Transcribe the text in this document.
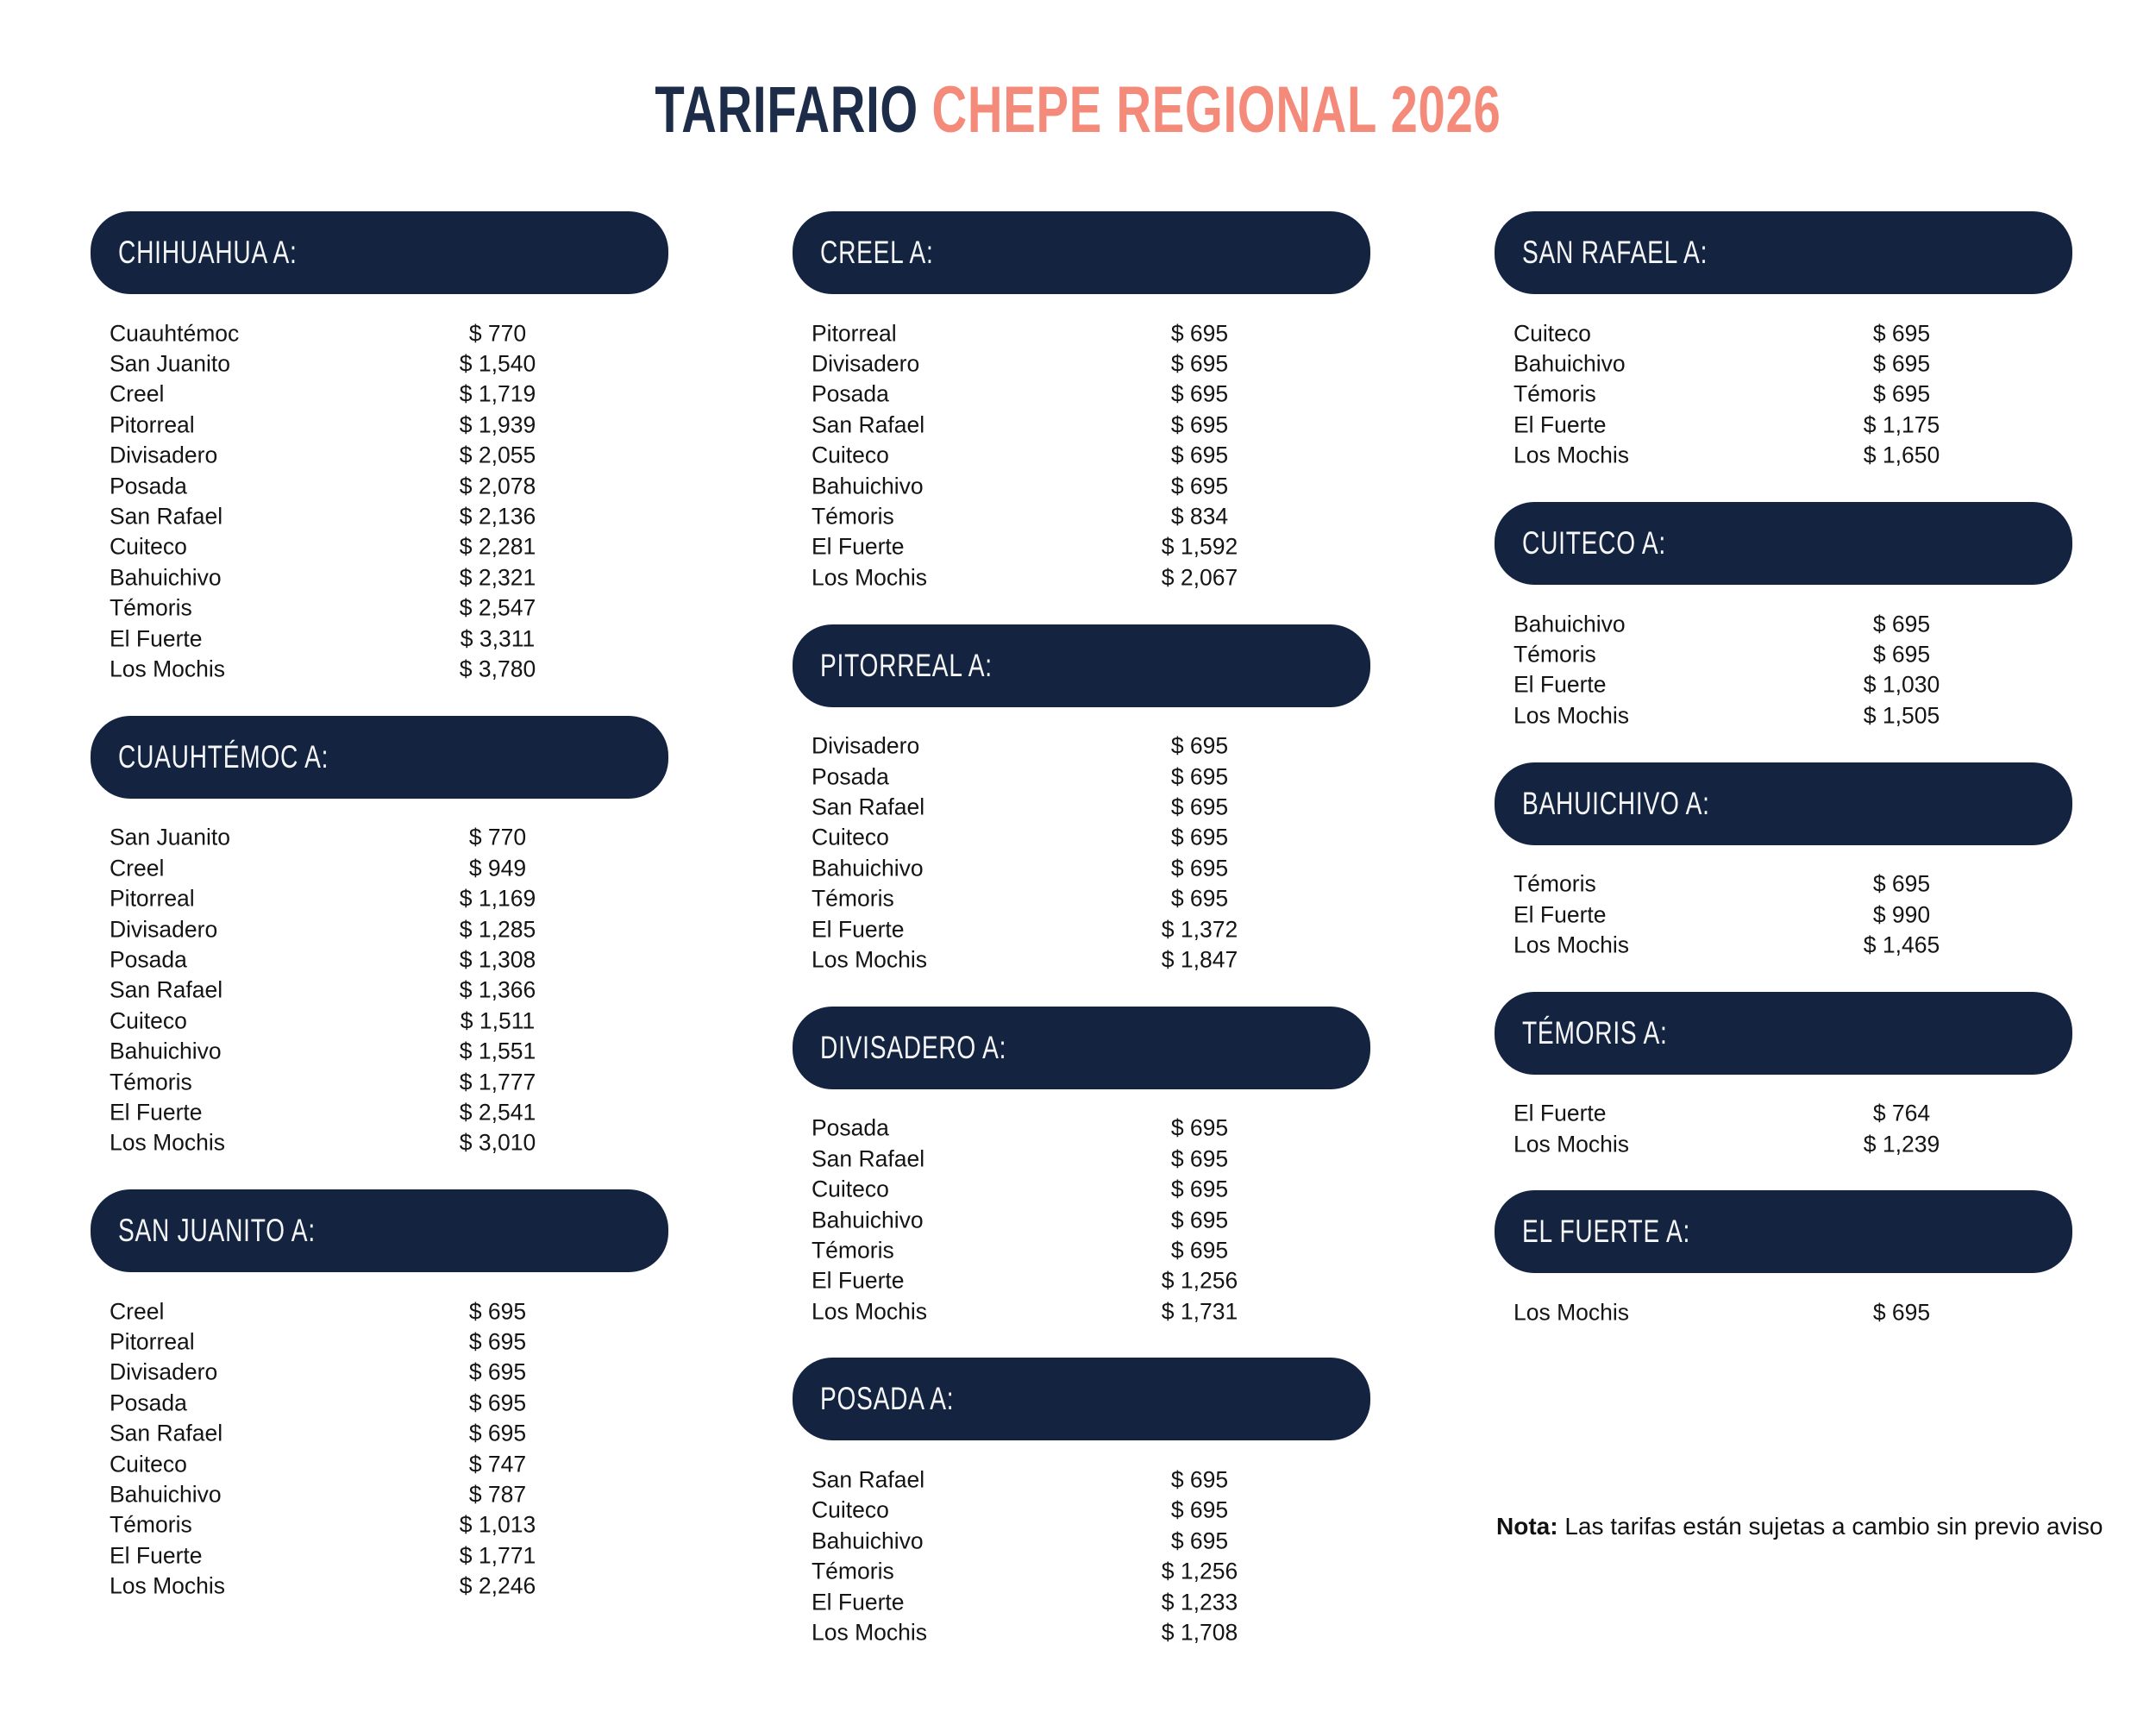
TARIFARIO CHEPE REGIONAL 2026
CHIHUAHUA A:
Cuauhtémoc	$ 770
San Juanito	$ 1,540
Creel	$ 1,719
Pitorreal	$ 1,939
Divisadero	$ 2,055
Posada	$ 2,078
San Rafael	$ 2,136
Cuiteco	$ 2,281
Bahuichivo	$ 2,321
Témoris	$ 2,547
El Fuerte	$ 3,311
Los Mochis	$ 3,780
CUAUHTÉMOC A:
San Juanito	$ 770
Creel	$ 949
Pitorreal	$ 1,169
Divisadero	$ 1,285
Posada	$ 1,308
San Rafael	$ 1,366
Cuiteco	$ 1,511
Bahuichivo	$ 1,551
Témoris	$ 1,777
El Fuerte	$ 2,541
Los Mochis	$ 3,010
SAN JUANITO A:
Creel	$ 695
Pitorreal	$ 695
Divisadero	$ 695
Posada	$ 695
San Rafael	$ 695
Cuiteco	$ 747
Bahuichivo	$ 787
Témoris	$ 1,013
El Fuerte	$ 1,771
Los Mochis	$ 2,246
CREEL A:
Pitorreal	$ 695
Divisadero	$ 695
Posada	$ 695
San Rafael	$ 695
Cuiteco	$ 695
Bahuichivo	$ 695
Témoris	$ 834
El Fuerte	$ 1,592
Los Mochis	$ 2,067
PITORREAL A:
Divisadero	$ 695
Posada	$ 695
San Rafael	$ 695
Cuiteco	$ 695
Bahuichivo	$ 695
Témoris	$ 695
El Fuerte	$ 1,372
Los Mochis	$ 1,847
DIVISADERO A:
Posada	$ 695
San Rafael	$ 695
Cuiteco	$ 695
Bahuichivo	$ 695
Témoris	$ 695
El Fuerte	$ 1,256
Los Mochis	$ 1,731
POSADA A:
San Rafael	$ 695
Cuiteco	$ 695
Bahuichivo	$ 695
Témoris	$ 1,256
El Fuerte	$ 1,233
Los Mochis	$ 1,708
SAN RAFAEL A:
Cuiteco	$ 695
Bahuichivo	$ 695
Témoris	$ 695
El Fuerte	$ 1,175
Los Mochis	$ 1,650
CUITECO A:
Bahuichivo	$ 695
Témoris	$ 695
El Fuerte	$ 1,030
Los Mochis	$ 1,505
BAHUICHIVO A:
Témoris	$ 695
El Fuerte	$ 990
Los Mochis	$ 1,465
TÉMORIS A:
El Fuerte	$ 764
Los Mochis	$ 1,239
EL FUERTE A:
Los Mochis	$ 695
Nota: Las tarifas están sujetas a cambio sin previo aviso
